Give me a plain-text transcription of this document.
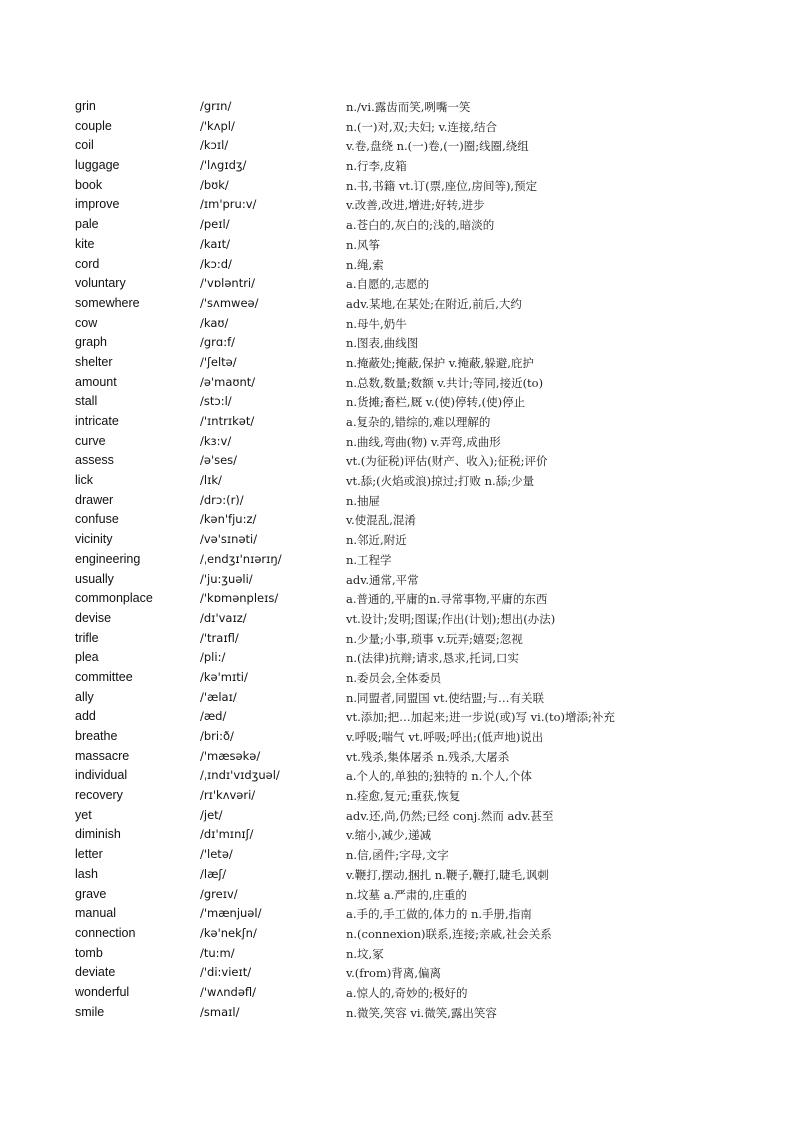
grin	/grɪn/	n./vi.露齿而笑,咧嘴一笑
couple	/'kʌpl/	n.(一)对,双;夫妇; v.连接,结合
coil	/kɔɪl/	v.卷,盘绕 n.(一)卷,(一)圈;线圈,绕组
luggage	/'lʌgɪdʒ/	n.行李,皮箱
book	/bʊk/	n.书,书籍 vt.订(票,座位,房间等),预定
improve	/ɪm'pru:v/	v.改善,改进,增进;好转,进步
pale	/peɪl/	a.苍白的,灰白的;浅的,暗淡的
kite	/kaɪt/	n.风筝
cord	/kɔ:d/	n.绳,索
voluntary	/'vɒləntri/	a.自愿的,志愿的
somewhere	/'sʌmweə/	adv.某地,在某处;在附近,前后,大约
cow	/kaʊ/	n.母牛,奶牛
graph	/grɑ:f/	n.图表,曲线图
shelter	/'ʃeltə/	n.掩蔽处;掩蔽,保护 v.掩蔽,躲避,庇护
amount	/ə'maʊnt/	n.总数,数量;数额 v.共计;等同,接近(to)
stall	/stɔ:l/	n.货摊;畜栏,厩 v.(使)停转,(使)停止
intricate	/'ɪntrɪkət/	a.复杂的,错综的,难以理解的
curve	/kɜ:v/	n.曲线,弯曲(物) v.弄弯,成曲形
assess	/ə'ses/	vt.(为征税)评估(财产、收入);征税;评价
lick	/lɪk/	vt.舔;(火焰或浪)掠过;打败 n.舔;少量
drawer	/drɔ:(r)/	n.抽屉
confuse	/kən'fju:z/	v.使混乱,混淆
vicinity	/və'sɪnəti/	n.邻近,附近
engineering	/ˌendʒɪ'nɪərɪŋ/	n.工程学
usually	/'ju:ʒuəli/	adv.通常,平常
commonplace	/'kɒmənpleɪs/	a.普通的,平庸的n.寻常事物,平庸的东西
devise	/dɪ'vaɪz/	vt.设计;发明;图谋;作出(计划);想出(办法)
trifle	/'traɪfl/	n.少量;小事,琐事 v.玩弄;嬉耍;忽视
plea	/pli:/	n.(法律)抗辩;请求,恳求,托词,口实
committee	/kə'mɪti/	n.委员会,全体委员
ally	/'ælaɪ/	n.同盟者,同盟国 vt.使结盟;与…有关联
add	/æd/	vt.添加;把…加起来;进一步说(或)写 vi.(to)增添;补充
breathe	/bri:ð/	v.呼吸;喘气 vt.呼吸;呼出;(低声地)说出
massacre	/'mæsəkə/	vt.残杀,集体屠杀 n.残杀,大屠杀
individual	/ˌɪndɪ'vɪdʒuəl/	a.个人的,单独的;独特的 n.个人,个体
recovery	/rɪ'kʌvəri/	n.痊愈,复元;重获,恢复
yet	/jet/	adv.还,尚,仍然;已经 conj.然而 adv.甚至
diminish	/dɪ'mɪnɪʃ/	v.缩小,减少,递减
letter	/'letə/	n.信,函件;字母,文字
lash	/læʃ/	v.鞭打,摆动,捆扎 n.鞭子,鞭打,睫毛,讽刺
grave	/greɪv/	n.坟墓 a.严肃的,庄重的
manual	/'mænjuəl/	a.手的,手工做的,体力的 n.手册,指南
connection	/kə'nekʃn/	n.(connexion)联系,连接;亲戚,社会关系
tomb	/tu:m/	n.坟,冢
deviate	/'di:vieɪt/	v.(from)背离,偏离
wonderful	/'wʌndəfl/	a.惊人的,奇妙的;极好的
smile	/smaɪl/	n.微笑,笑容 vi.微笑,露出笑容
